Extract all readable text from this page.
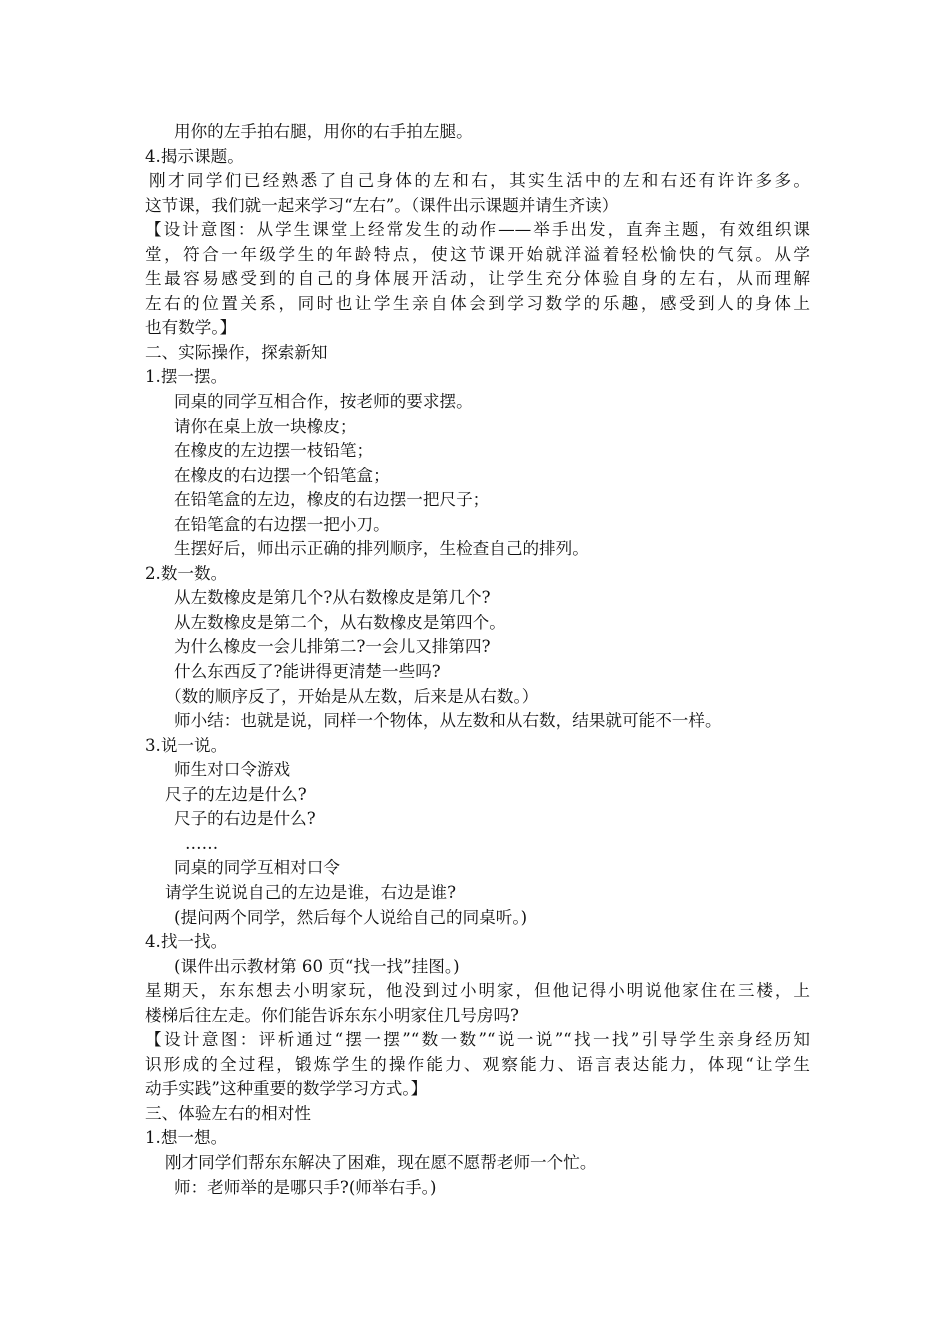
用你的左手拍右腿，用你的右手拍左腿。
4.揭示课题。
刚才同学们已经熟悉了自己身体的左和右，其实生活中的左和右还有许许多多。
这节课，我们就一起来学习“左右”。（课件出示课题并请生齐读）
【设计意图：从学生课堂上经常发生的动作——举手出发，直奔主题，有效组织课
堂，符合一年级学生的年龄特点，使这节课开始就洋溢着轻松愉快的气氛。从学
生最容易感受到的自己的身体展开活动，让学生充分体验自身的左右，从而理解
左右的位置关系，同时也让学生亲自体会到学习数学的乐趣，感受到人的身体上
也有数学。】
二、实际操作，探索新知
1.摆一摆。
同桌的同学互相合作，按老师的要求摆。
请你在桌上放一块橡皮；
在橡皮的左边摆一枝铅笔；
在橡皮的右边摆一个铅笔盒；
在铅笔盒的左边，橡皮的右边摆一把尺子；
在铅笔盒的右边摆一把小刀。
生摆好后，师出示正确的排列顺序，生检查自己的排列。
2.数一数。
从左数橡皮是第几个?从右数橡皮是第几个?
从左数橡皮是第二个，从右数橡皮是第四个。
为什么橡皮一会儿排第二?一会儿又排第四?
什么东西反了?能讲得更清楚一些吗?
（数的顺序反了，开始是从左数，后来是从右数。）
师小结：也就是说，同样一个物体，从左数和从右数，结果就可能不一样。
3.说一说。
师生对口令游戏
尺子的左边是什么?
尺子的右边是什么?
……
同桌的同学互相对口令
请学生说说自己的左边是谁，右边是谁?
(提问两个同学，然后每个人说给自己的同桌听。)
4.找一找。
(课件出示教材第 60 页“找一找”挂图。)
星期天，东东想去小明家玩，他没到过小明家，但他记得小明说他家住在三楼，上
楼梯后往左走。你们能告诉东东小明家住几号房吗?
【设计意图：评析通过“摆一摆”“数一数”“说一说”“找一找”引导学生亲身经历知
识形成的全过程，锻炼学生的操作能力、观察能力、语言表达能力，体现“让学生
动手实践”这种重要的数学学习方式。】
三、体验左右的相对性
1.想一想。
刚才同学们帮东东解决了困难，现在愿不愿帮老师一个忙。
师：老师举的是哪只手?(师举右手。)
